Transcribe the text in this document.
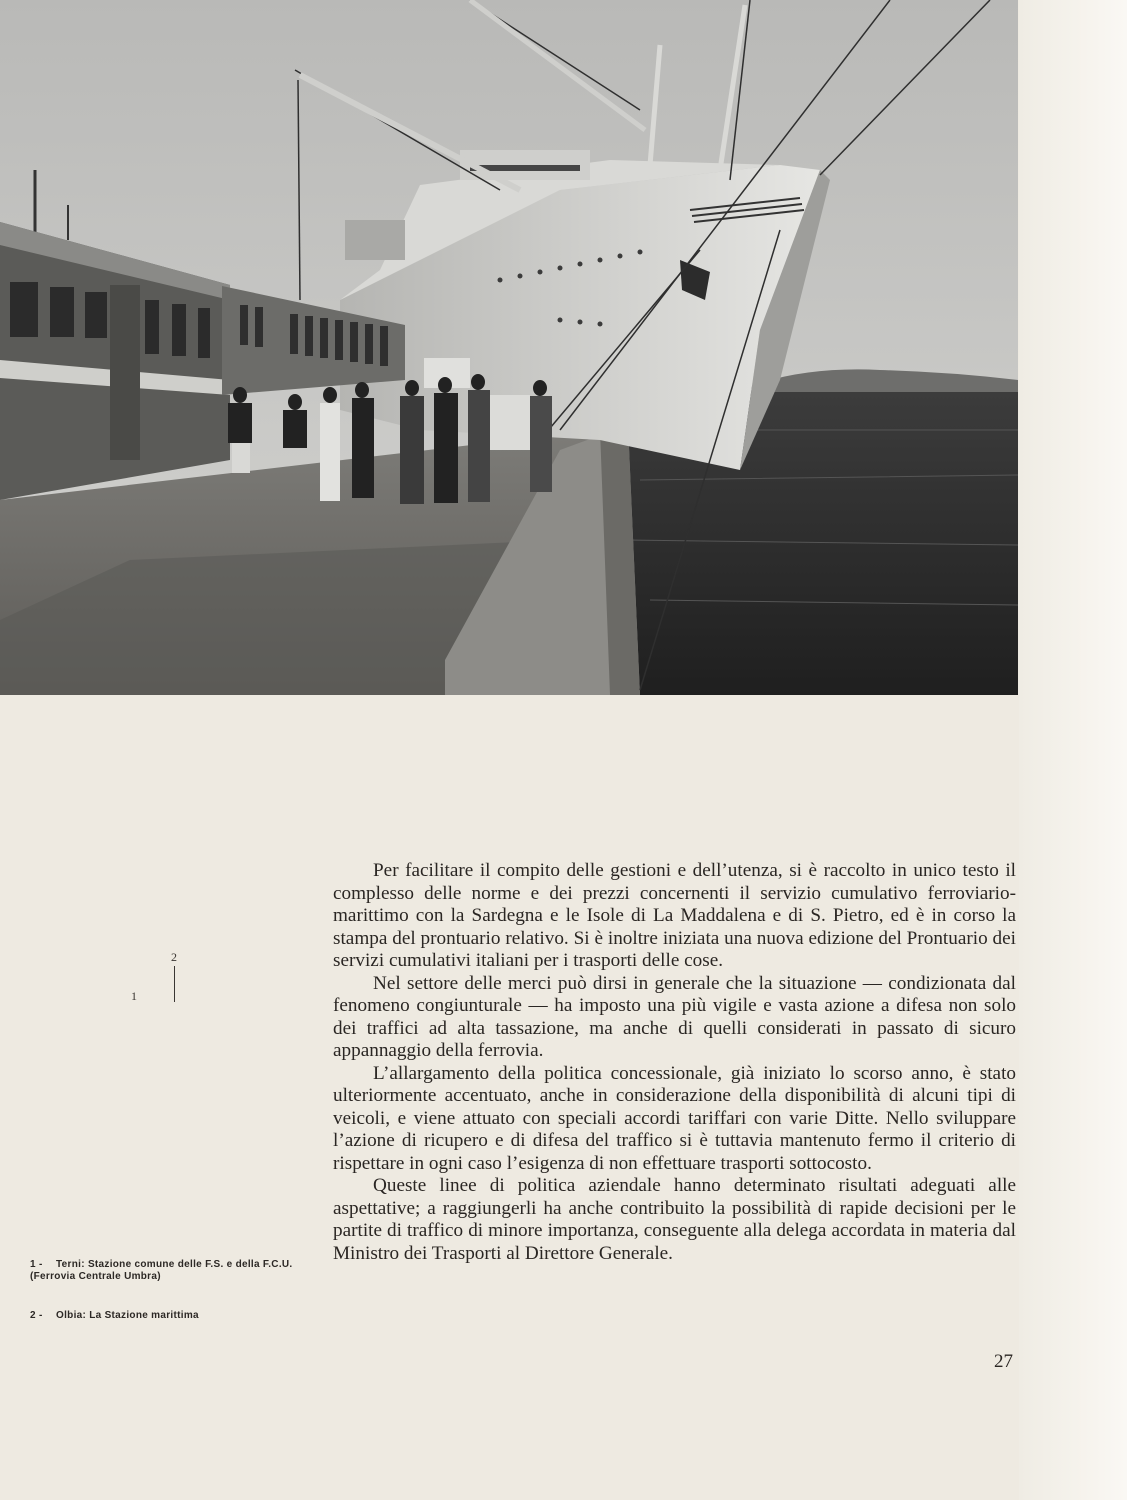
2
1
1 - Terni: Stazione comune delle F.S. e della F.C.U. (Ferrovia Centrale Umbra)
2 - Olbia: La Stazione marittima

Per facilitare il compito delle gestioni e dell’utenza, si è raccolto in unico testo il complesso delle norme e dei prezzi concernenti il servizio cumulativo ferroviario-marittimo con la Sardegna e le Isole di La Maddalena e di S. Pietro, ed è in corso la stampa del prontuario relativo. Si è inoltre iniziata una nuova edizione del Prontuario dei servizi cumulativi italiani per i trasporti delle cose.

Nel settore delle merci può dirsi in generale che la situazione — condizionata dal fenomeno congiunturale — ha imposto una più vigile e vasta azione a difesa non solo dei traffici ad alta tassazione, ma anche di quelli considerati in passato di sicuro appannaggio della ferrovia.

L’allargamento della politica concessionale, già iniziato lo scorso anno, è stato ulteriormente accentuato, anche in considerazione della disponibilità di alcuni tipi di veicoli, e viene attuato con speciali accordi tariffari con varie Ditte. Nello sviluppare l’azione di ricupero e di difesa del traffico si è tuttavia mantenuto fermo il criterio di rispettare in ogni caso l’esigenza di non effettuare trasporti sottocosto.

Queste linee di politica aziendale hanno determinato risultati adeguati alle aspettative; a raggiungerli ha anche contribuito la possibilità di rapide decisioni per le partite di traffico di minore importanza, conseguente alla delega accordata in materia dal Ministro dei Trasporti al Direttore Generale.

27
